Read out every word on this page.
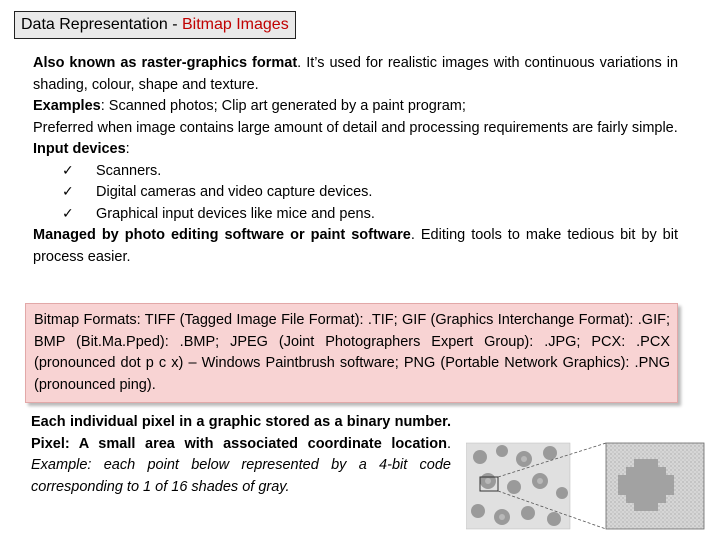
Data Representation - Bitmap Images

Also known as raster-graphics format. It’s used for realistic images with continuous variations in shading, colour, shape and texture.

Examples: Scanned photos; Clip art generated by a paint program;

Preferred when image contains large amount of detail and processing requirements are fairly simple.

Input devices:

✓ Scanners.
✓ Digital cameras and video capture devices.
✓ Graphical input devices like mice and pens.

Managed by photo editing software or paint software. Editing tools to make tedious bit by bit process easier.

Bitmap Formats: TIFF (Tagged Image File Format): .TIF; GIF (Graphics Interchange Format): .GIF; BMP (Bit.Ma.Pped): .BMP; JPEG (Joint Photographers Expert Group): .JPG; PCX: .PCX (pronounced dot p c x) – Windows Paintbrush software; PNG (Portable Network Graphics): .PNG (pronounced ping).
Each individual pixel in a graphic stored as a binary number. Pixel: A small area with associated coordinate location. Example: each point below represented by a 4-bit code corresponding to 1 of 16 shades of gray.
